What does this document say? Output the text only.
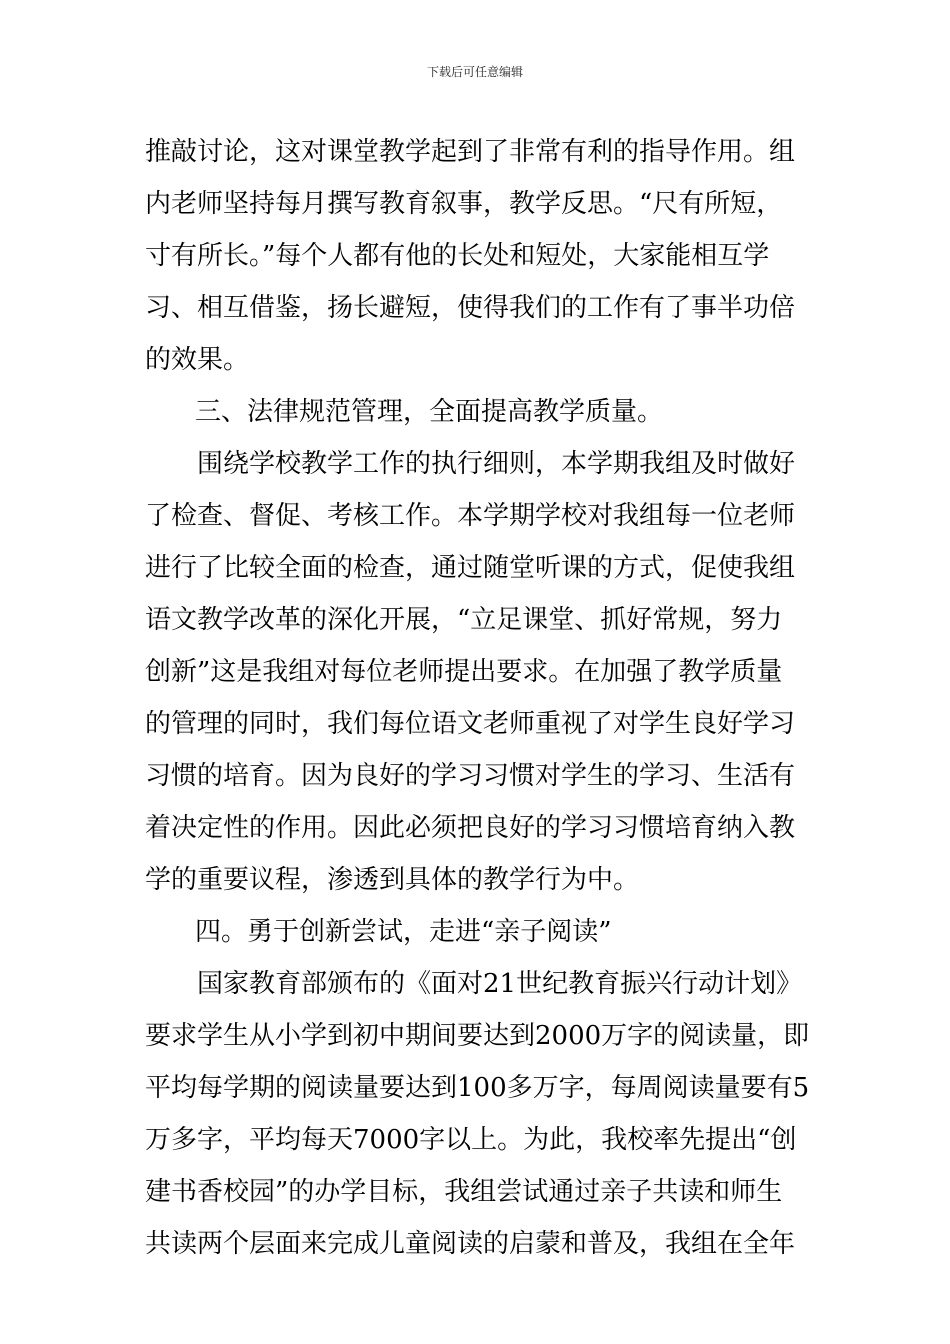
下载后可任意编辑
推敲讨论，这对课堂教学起到了非常有利的指导作用。组
内老师坚持每月撰写教育叙事，教学反思。“尺有所短，
寸有所长。”每个人都有他的长处和短处，大家能相互学
习、相互借鉴，扬长避短，使得我们的工作有了事半功倍
的效果。
三、法律规范管理，全面提高教学质量。
围绕学校教学工作的执行细则，本学期我组及时做好
了检查、督促、考核工作。本学期学校对我组每一位老师
进行了比较全面的检查，通过随堂听课的方式，促使我组
语文教学改革的深化开展，“立足课堂、抓好常规，努力
创新”这是我组对每位老师提出要求。在加强了教学质量
的管理的同时，我们每位语文老师重视了对学生良好学习
习惯的培育。因为良好的学习习惯对学生的学习、生活有
着决定性的作用。因此必须把良好的学习习惯培育纳入教
学的重要议程，渗透到具体的教学行为中。
四。勇于创新尝试，走进“亲子阅读”
国家教育部颁布的《面对21世纪教育振兴行动计划》
要求学生从小学到初中期间要达到2000万字的阅读量，即
平均每学期的阅读量要达到100多万字，每周阅读量要有5
万多字，平均每天7000字以上。为此，我校率先提出“创
建书香校园”的办学目标，我组尝试通过亲子共读和师生
共读两个层面来完成儿童阅读的启蒙和普及，我组在全年
